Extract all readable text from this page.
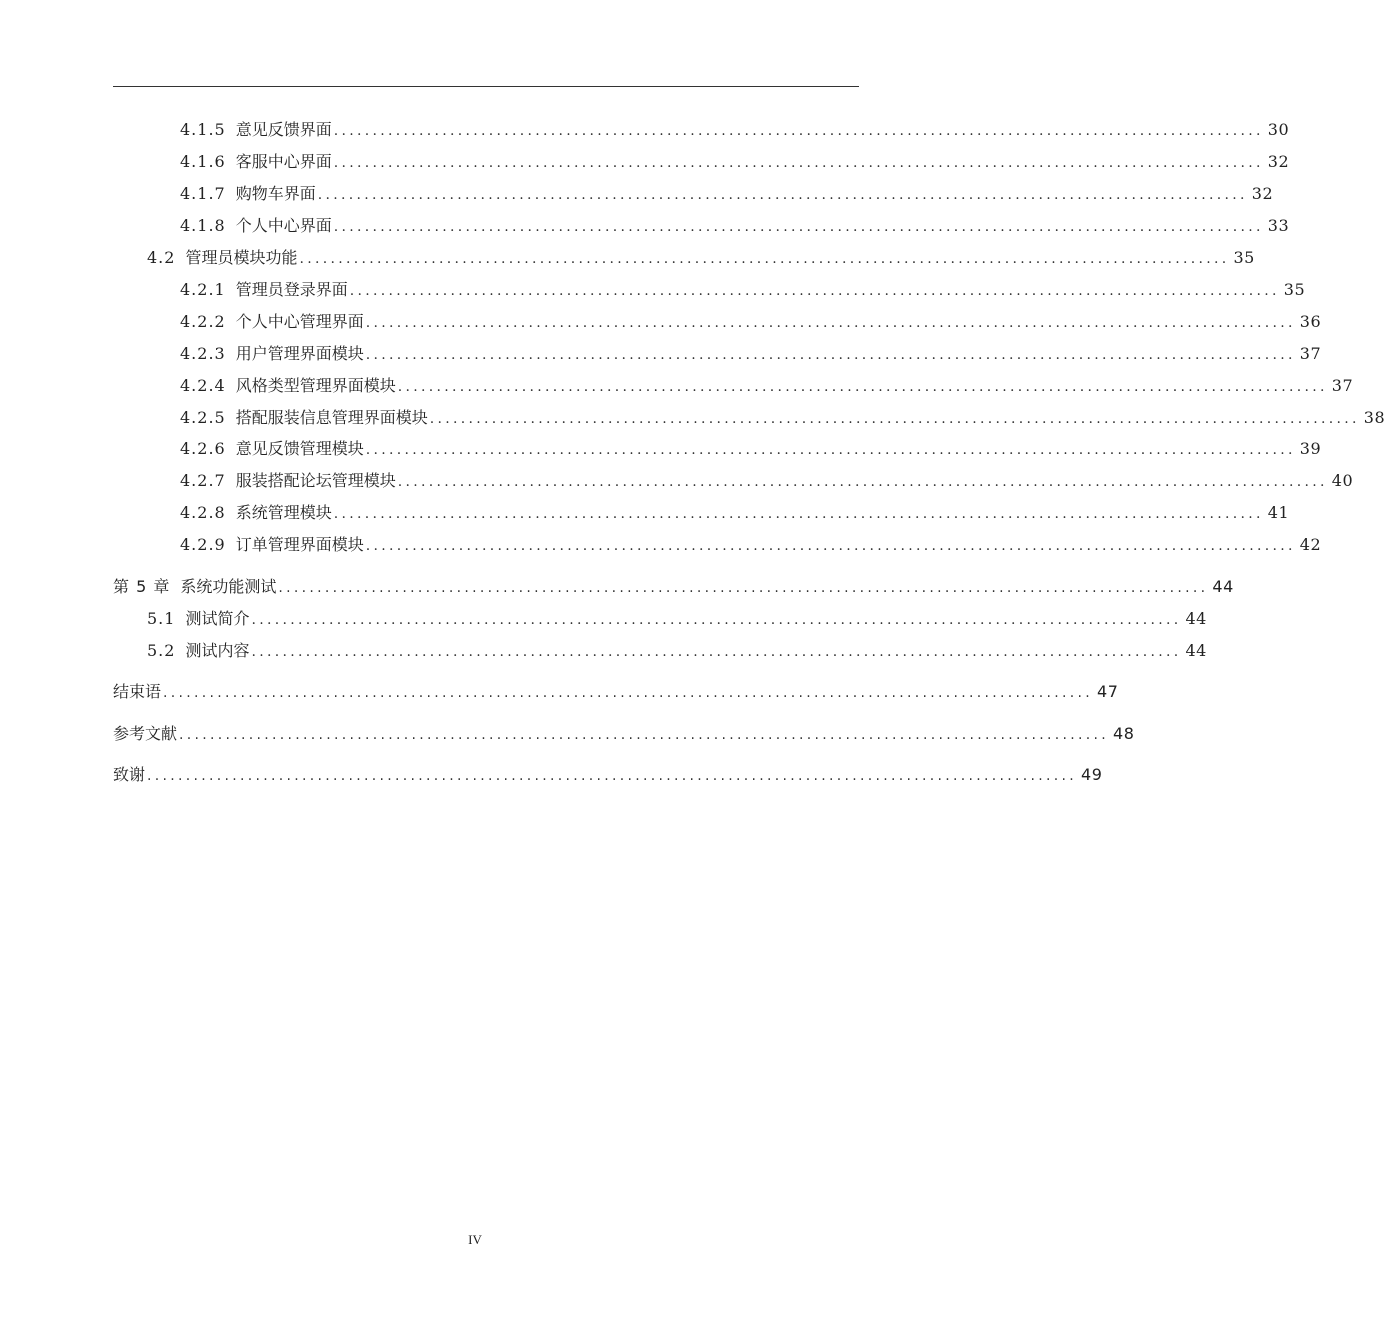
4.1.5 意见反馈界面 ........................................................................................................................ 30
4.1.6 客服中心界面 ........................................................................................................................ 32
4.1.7 购物车界面 ........................................................................................................................ 32
4.1.8 个人中心界面 ........................................................................................................................ 33
4.2 管理员模块功能 ........................................................................................................................ 35
4.2.1 管理员登录界面 ........................................................................................................................ 35
4.2.2 个人中心管理界面 ........................................................................................................................ 36
4.2.3 用户管理界面模块 ........................................................................................................................ 37
4.2.4 风格类型管理界面模块 ........................................................................................................................ 37
4.2.5 搭配服装信息管理界面模块 ........................................................................................................................ 38
4.2.6 意见反馈管理模块 ........................................................................................................................ 39
4.2.7 服装搭配论坛管理模块 ........................................................................................................................ 40
4.2.8 系统管理模块 ........................................................................................................................ 41
4.2.9 订单管理界面模块 ........................................................................................................................ 42
第 5 章 系统功能测试 ........................................................................................................................ 44
5.1 测试简介 ........................................................................................................................ 44
5.2 测试内容 ........................................................................................................................ 44
结束语 ........................................................................................................................ 47
参考文献 ........................................................................................................................ 48
致谢 ........................................................................................................................ 49
IV
